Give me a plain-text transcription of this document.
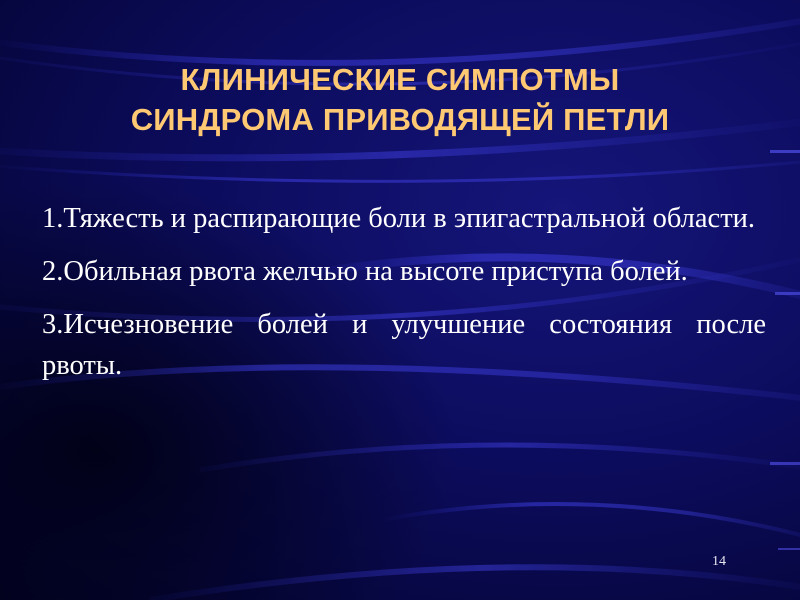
КЛИНИЧЕСКИЕ СИМПОТМЫ
СИНДРОМА ПРИВОДЯЩЕЙ ПЕТЛИ

1.Тяжесть и распирающие боли в эпигастральной области.

2.Обильная рвота желчью на высоте приступа болей.

3.Исчезновение болей и улучшение состояния после рвоты.

14
